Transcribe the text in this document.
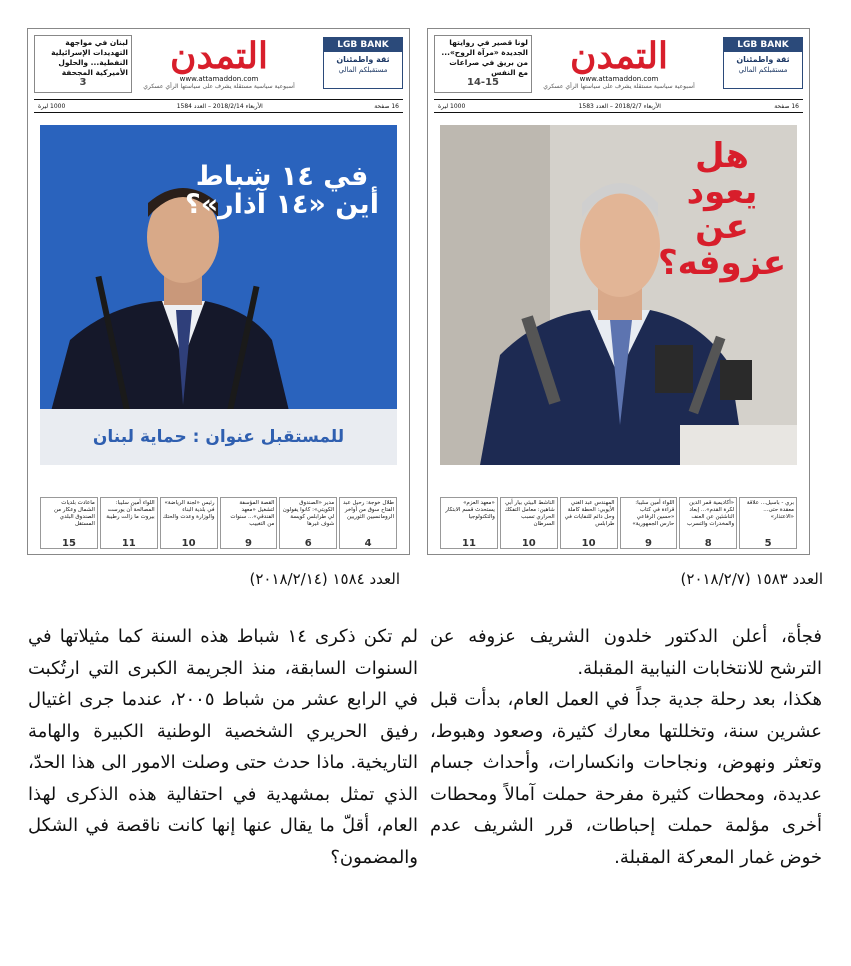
لونا قصير في روايتها الجديدة «مرآة الروح»... من بريق في صراعات مع النفس
14-15
التمدن
www.attamaddon.com
أسبوعية سياسية مستقلة يشرف على سياستها الرأي عسكري
LGB BANK
ثقة واطمئنان
مستقبلكم المالي
16 صفحة
الأربعاء 2018/2/7 – العدد 1583
1000 ليرة
هل يعود عن عزوفه؟
بري - باسيل... علاقة معقدة حتى... «الاعتذار»
5
«أكاديمية قمر الدين لكرة القدم»... إبعاد الناشئين عن العنف والمخدرات والتسرب
8
اللواء أمين سليبا: قراءة في كتاب «حسين الرفاعي حارس الجمهورية»
9
المهندس عبد الغني الأيوبي: الحطة كاملة وحل دائم للنفايات في طرابلس
10
الناشط البيئي بيار أبي شاهين: معامل التفكك الحراري تسبب السرطان
10
«معهد العزم» يستحدث قسم الابتكار والتكنولوجيا
11
لبنان في مواجهة التهديدات الإسرائيلية النفطية... والحلول الأميركية المجحفة
3
التمدن
www.attamaddon.com
أسبوعية سياسية مستقلة يشرف على سياستها الرأي عسكري
LGB BANK
ثقة واطمئنان
مستقبلكم المالي
16 صفحة
الأربعاء 2018/2/14 – العدد 1584
1000 ليرة
في ١٤ شباط أين «١٤ آذار»؟
للمستقبل عنوان : حماية لبنان
طلال خوجة: رحيل عبد الفتاح سوق من أواخر الرومانسيين الثوريين
4
مدير «الصندوق الكويتي»: كانوا يقولون لي طرابلس كويسة شوف غيرها
6
القصة المؤسفة لتشغيل «معهد الفندقي»... سنوات من التغييب
9
رئيس «لجنة الرياضة» في بلدية البناء والوزارة وعدت والحتك
10
اللواء أمين سليبا: المصالحة أن يورست بيروت ما زالت رطيبة
11
ماعادت بلديات الشمال وعكار من الصندوق البلدي المستقل
15
العدد ١٥٨٣ (٢٠١٨/٢/٧)
العدد ١٥٨٤ (٢٠١٨/٢/١٤)

فجأة، أعلن الدكتور خلدون الشريف عزوفه عن الترشح للانتخابات النيابية المقبلة.

هكذا، بعد رحلة جدية جداً في العمل العام، بدأت قبل عشرين سنة، وتخللتها معارك كثيرة، وصعود وهبوط، وتعثر ونهوض، ونجاحات وانكسارات، وأحداث جسام عديدة، ومحطات كثيرة مفرحة حملت آمالاً ومحطات أخرى مؤلمة حملت إحباطات، قرر الشريف عدم خوض غمار المعركة المقبلة.

لم تكن ذكرى ١٤ شباط هذه السنة كما مثيلاتها في السنوات السابقة، منذ الجريمة الكبرى التي ارتُكبت في الرابع عشر من شباط ٢٠٠٥، عندما جرى اغتيال رفيق الحريري الشخصية الوطنية الكبيرة والهامة التاريخية. ماذا حدث حتى وصلت الامور الى هذا الحدّ، الذي تمثل بمشهدية في احتفالية هذه الذكرى لهذا العام، أقلّ ما يقال عنها إنها كانت ناقصة في الشكل والمضمون؟
